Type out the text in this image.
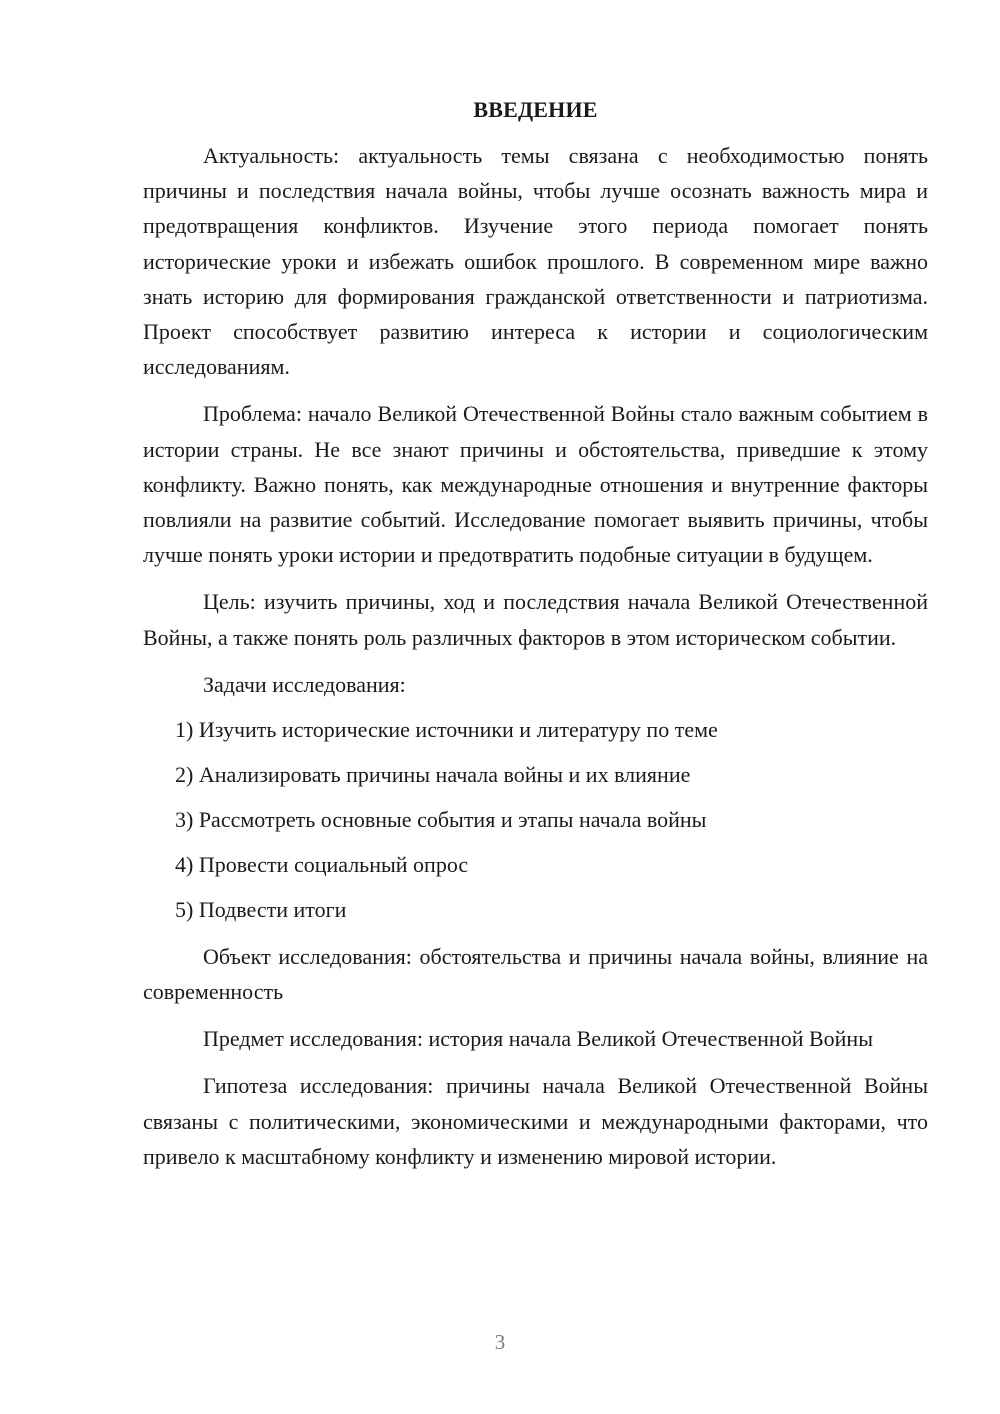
ВВЕДЕНИЕ

Актуальность: актуальность темы связана с необходимостью понять причины и последствия начала войны, чтобы лучше осознать важность мира и предотвращения конфликтов. Изучение этого периода помогает понять исторические уроки и избежать ошибок прошлого. В современном мире важно знать историю для формирования гражданской ответственности и патриотизма. Проект способствует развитию интереса к истории и социологическим исследованиям.

Проблема: начало Великой Отечественной Войны стало важным событием в истории страны. Не все знают причины и обстоятельства, приведшие к этому конфликту. Важно понять, как международные отношения и внутренние факторы повлияли на развитие событий. Исследование помогает выявить причины, чтобы лучше понять уроки истории и предотвратить подобные ситуации в будущем.

Цель: изучить причины, ход и последствия начала Великой Отечественной Войны, а также понять роль различных факторов в этом историческом событии.

Задачи исследования:

1) Изучить исторические источники и литературу по теме

2) Анализировать причины начала войны и их влияние

3) Рассмотреть основные события и этапы начала войны

4) Провести социальный опрос

5) Подвести итоги

Объект исследования: обстоятельства и причины начала войны, влияние на современность

Предмет исследования: история начала Великой Отечественной Войны

Гипотеза исследования: причины начала Великой Отечественной Войны связаны с политическими, экономическими и международными факторами, что привело к масштабному конфликту и изменению мировой истории.

3
